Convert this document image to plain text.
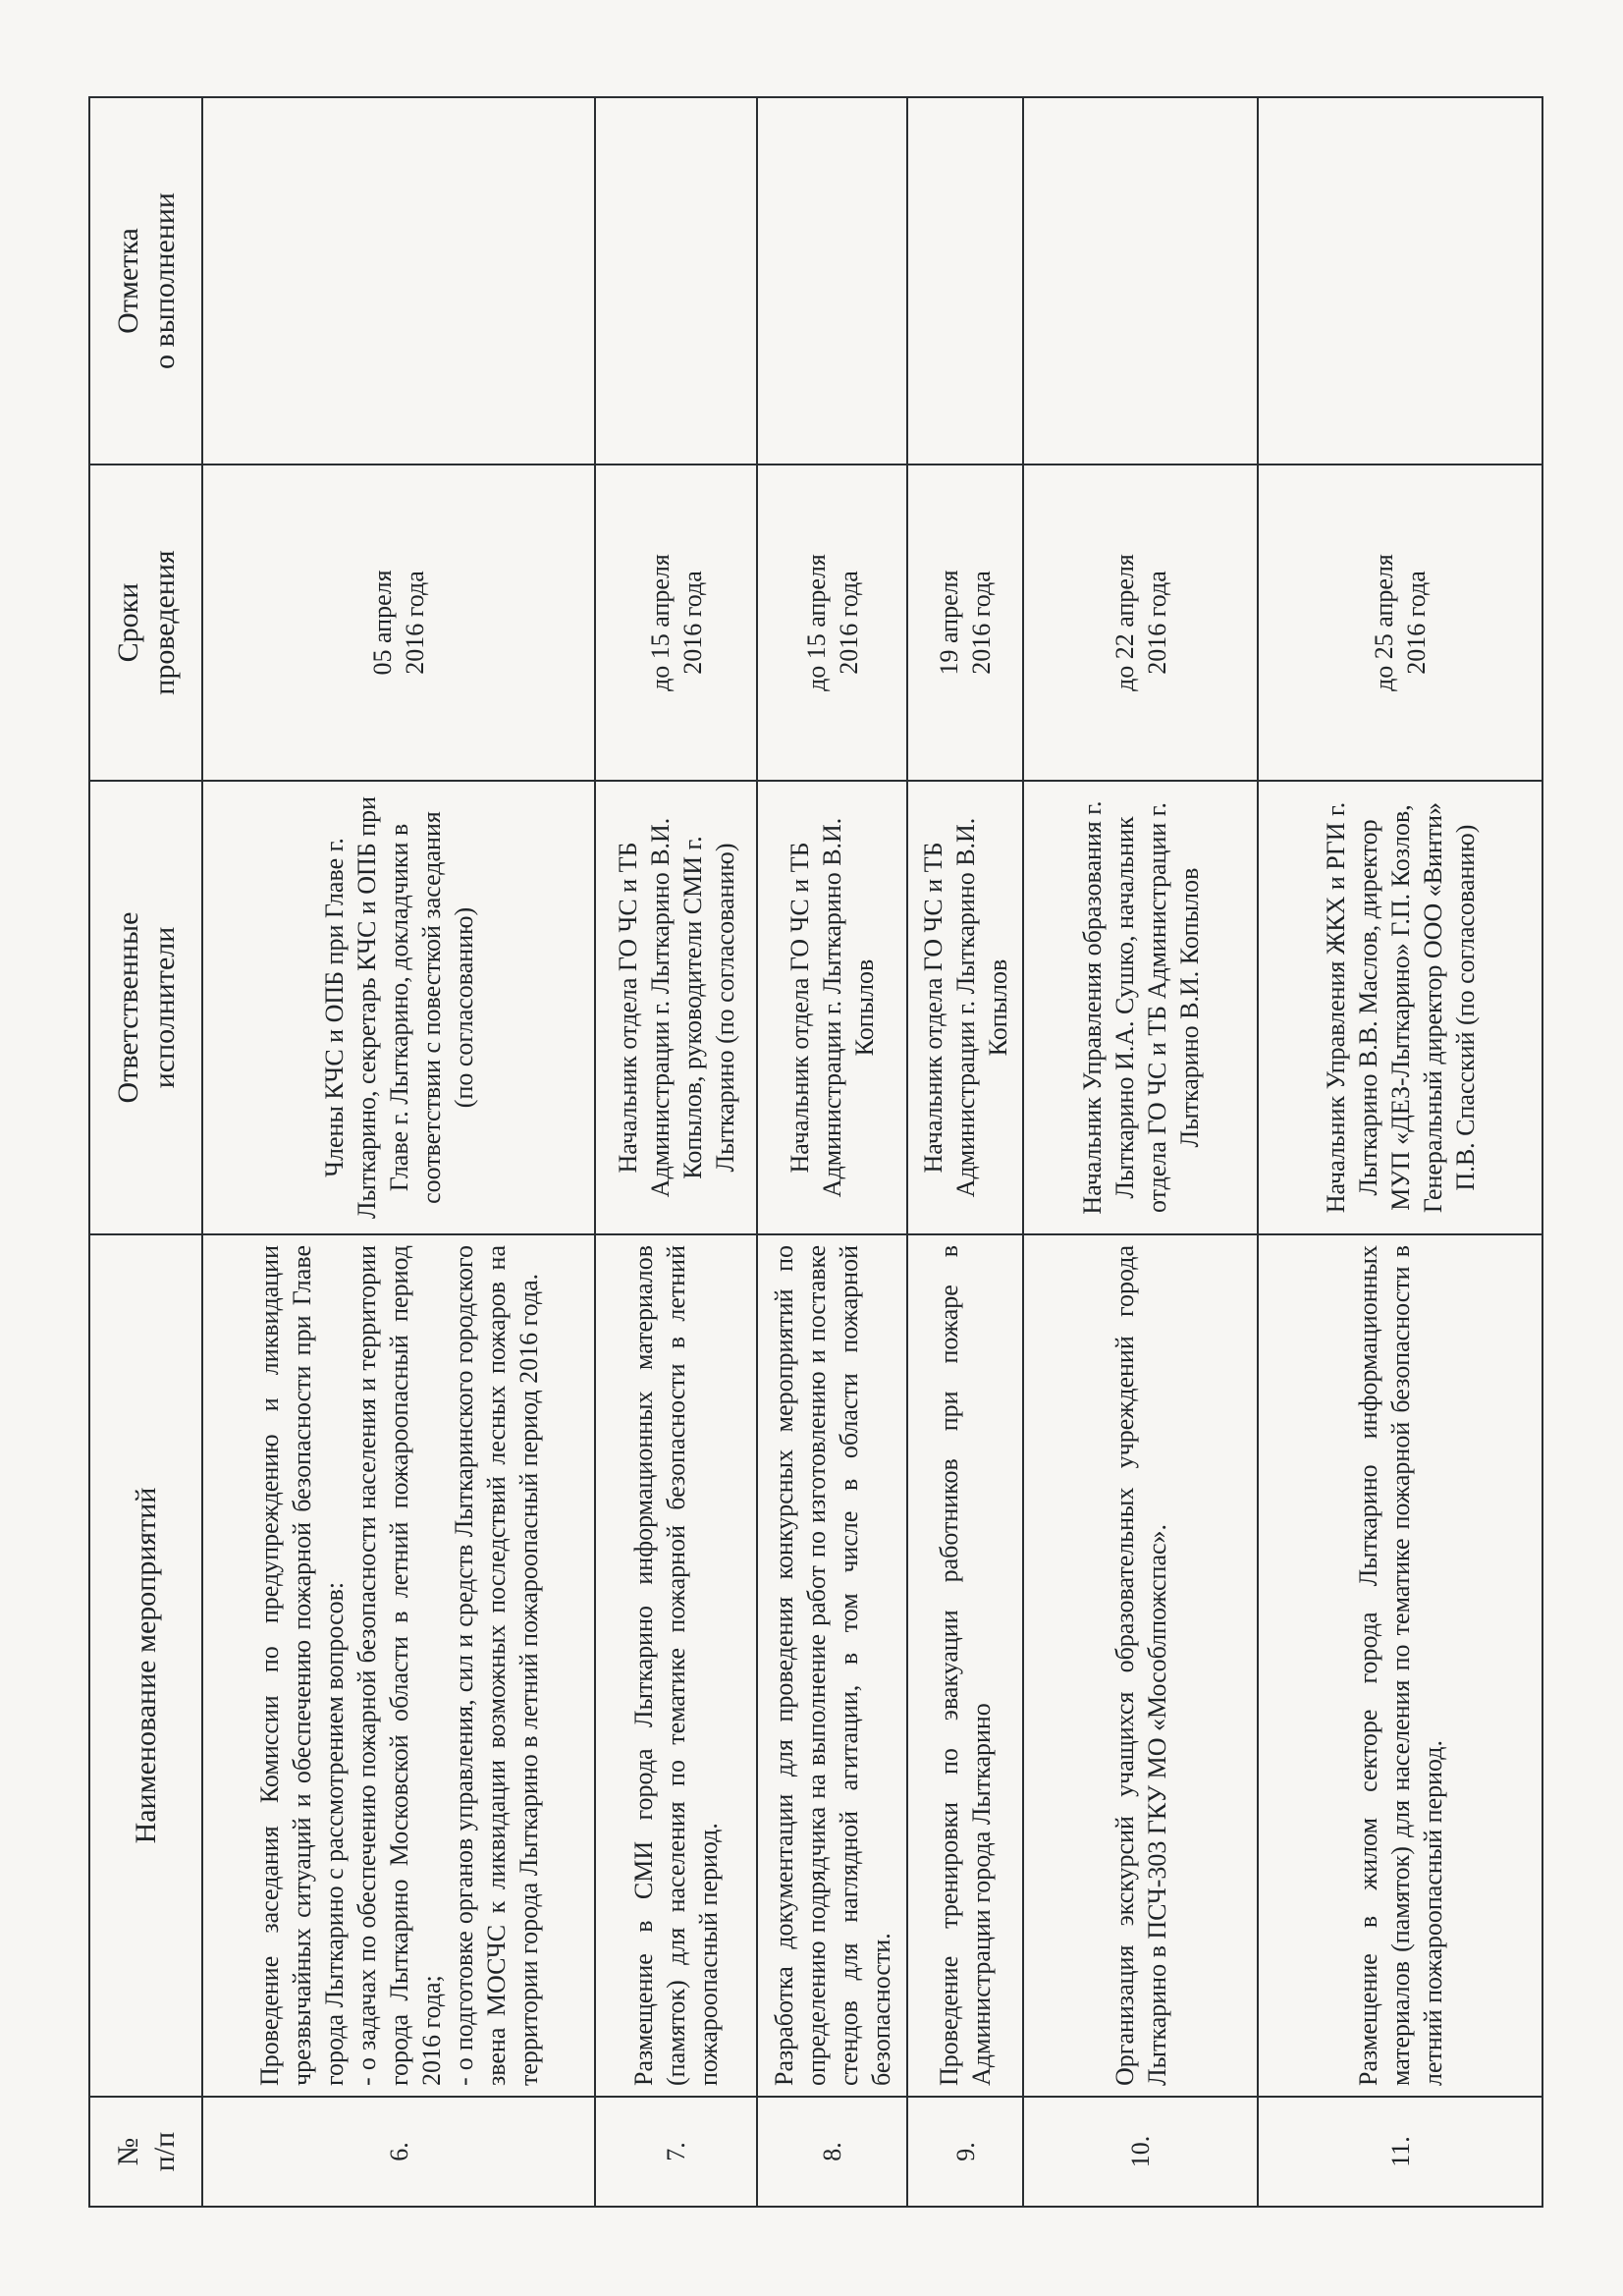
№ п/п	Наименование мероприятий	Ответственные исполнители	Сроки проведения	Отметка о выполнении

6.	Проведение заседания Комиссии по предупреждению и ликвидации чрезвычайных ситуаций и обеспечению пожарной безопасности при Главе города Лыткарино с рассмотрением вопросов: - о задачах по обеспечению пожарной безопасности населения и территории города Лыткарино Московской области в летний пожароопасный период 2016 года; - о подготовке органов управления, сил и средств Лыткаринского городского звена МОСЧС к ликвидации возможных последствий лесных пожаров на территории города Лыткарино в летний пожароопасный период 2016 года.	Члены КЧС и ОПБ при Главе г. Лыткарино, секретарь КЧС и ОПБ при Главе г. Лыткарино, докладчики в соответствии с повесткой заседания (по согласованию)	05 апреля 2016 года	

7.	Размещение в СМИ города Лыткарино информационных материалов (памяток) для населения по тематике пожарной безопасности в летний пожароопасный период.	Начальник отдела ГО ЧС и ТБ Администрации г. Лыткарино В.И. Копылов, руководители СМИ г. Лыткарино (по согласованию)	до 15 апреля 2016 года	

8.	Разработка документации для проведения конкурсных мероприятий по определению подрядчика на выполнение работ по изготовлению и поставке стендов для наглядной агитации, в том числе в области пожарной безопасности.	Начальник отдела ГО ЧС и ТБ Администрации г. Лыткарино В.И. Копылов	до 15 апреля 2016 года	

9.	Проведение тренировки по эвакуации работников при пожаре в Администрации города Лыткарино	Начальник отдела ГО ЧС и ТБ Администрации г. Лыткарино В.И. Копылов	19 апреля 2016 года	

10.	Организация экскурсий учащихся образовательных учреждений города Лыткарино в ПСЧ-303 ГКУ МО «Мособлпожспас».	Начальник Управления образования г. Лыткарино И.А. Сушко, начальник отдела ГО ЧС и ТБ Администрации г. Лыткарино В.И. Копылов	до 22 апреля 2016 года	

11.	Размещение в жилом секторе города Лыткарино информационных материалов (памяток) для населения по тематике пожарной безопасности в летний пожароопасный период.	Начальник Управления ЖКХ и РГИ г. Лыткарино В.В. Маслов, директор МУП «ДЕЗ-Лыткарино» Г.П. Козлов, Генеральный директор ООО «Винти» П.В. Спасский (по согласованию)	до 25 апреля 2016 года	
